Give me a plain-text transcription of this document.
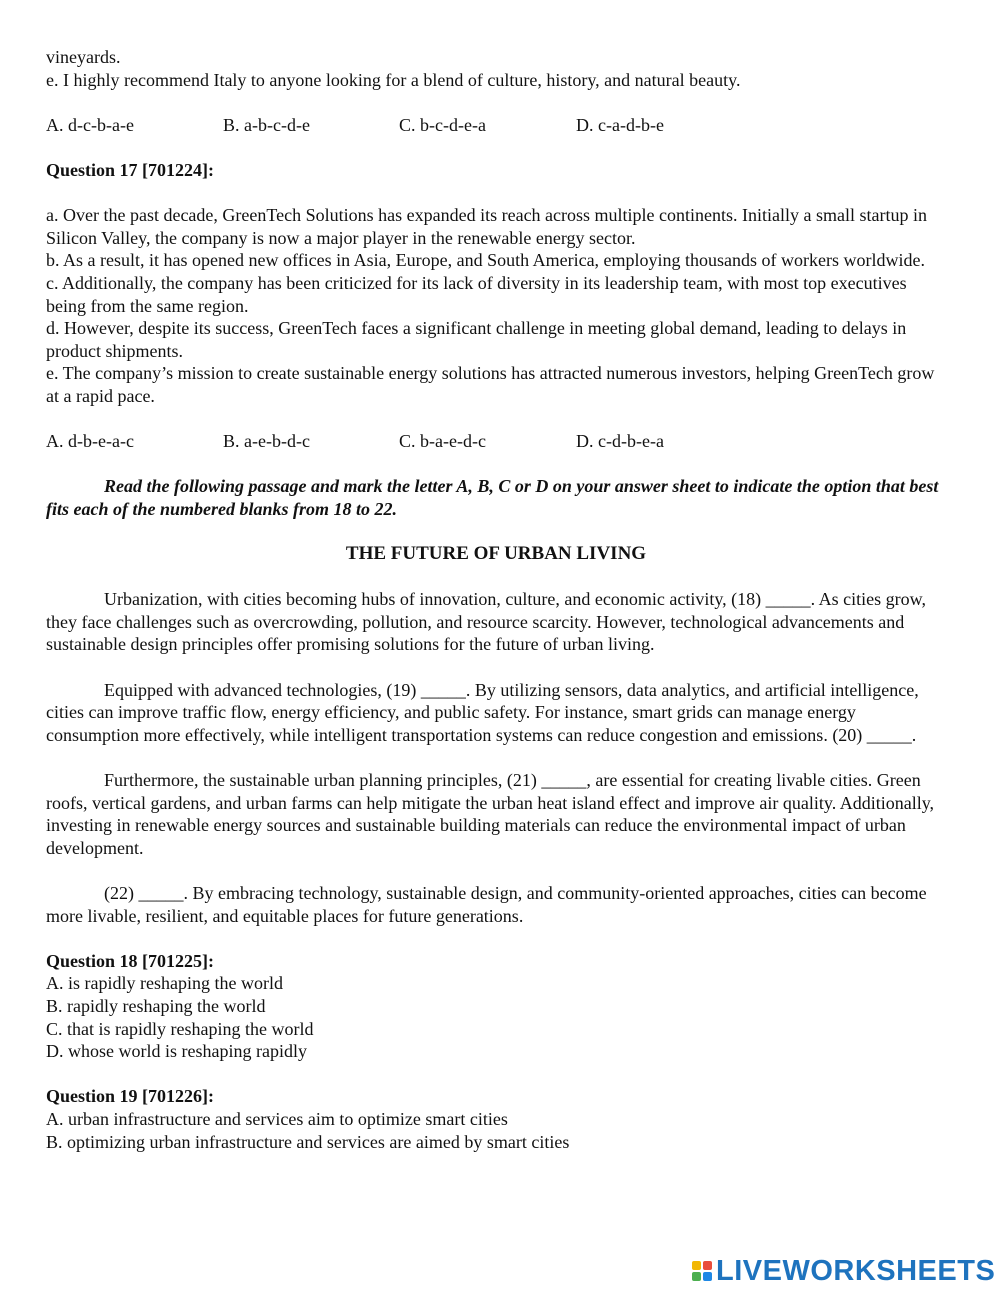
vineyards.

e. I highly recommend Italy to anyone looking for a blend of culture, history, and natural beauty.

A. d-c-b-a-e	B. a-b-c-d-e	C. b-c-d-e-a	D. c-a-d-b-e

Question 17 [701224]:

a. Over the past decade, GreenTech Solutions has expanded its reach across multiple continents. Initially a small startup in Silicon Valley, the company is now a major player in the renewable energy sector.

b. As a result, it has opened new offices in Asia, Europe, and South America, employing thousands of workers worldwide.

c. Additionally, the company has been criticized for its lack of diversity in its leadership team, with most top executives being from the same region.

d. However, despite its success, GreenTech faces a significant challenge in meeting global demand, leading to delays in product shipments.

e. The company’s mission to create sustainable energy solutions has attracted numerous investors, helping GreenTech grow at a rapid pace.

A. d-b-e-a-c	B. a-e-b-d-c	C. b-a-e-d-c	D. c-d-b-e-a

Read the following passage and mark the letter A, B, C or D on your answer sheet to indicate the option that best fits each of the numbered blanks from 18 to 22.

THE FUTURE OF URBAN LIVING

Urbanization, with cities becoming hubs of innovation, culture, and economic activity, (18) _____. As cities grow, they face challenges such as overcrowding, pollution, and resource scarcity. However, technological advancements and sustainable design principles offer promising solutions for the future of urban living.

Equipped with advanced technologies, (19) _____. By utilizing sensors, data analytics, and artificial intelligence, cities can improve traffic flow, energy efficiency, and public safety. For instance, smart grids can manage energy consumption more effectively, while intelligent transportation systems can reduce congestion and emissions. (20) _____.

Furthermore, the sustainable urban planning principles, (21) _____, are essential for creating livable cities. Green roofs, vertical gardens, and urban farms can help mitigate the urban heat island effect and improve air quality. Additionally, investing in renewable energy sources and sustainable building materials can reduce the environmental impact of urban development.

(22) _____. By embracing technology, sustainable design, and community-oriented approaches, cities can become more livable, resilient, and equitable places for future generations.

Question 18 [701225]:

A. is rapidly reshaping the world

B. rapidly reshaping the world

C. that is rapidly reshaping the world

D. whose world is reshaping rapidly

Question 19 [701226]:

A. urban infrastructure and services aim to optimize smart cities

B. optimizing urban infrastructure and services are aimed by smart cities

LIVEWORKSHEETS
